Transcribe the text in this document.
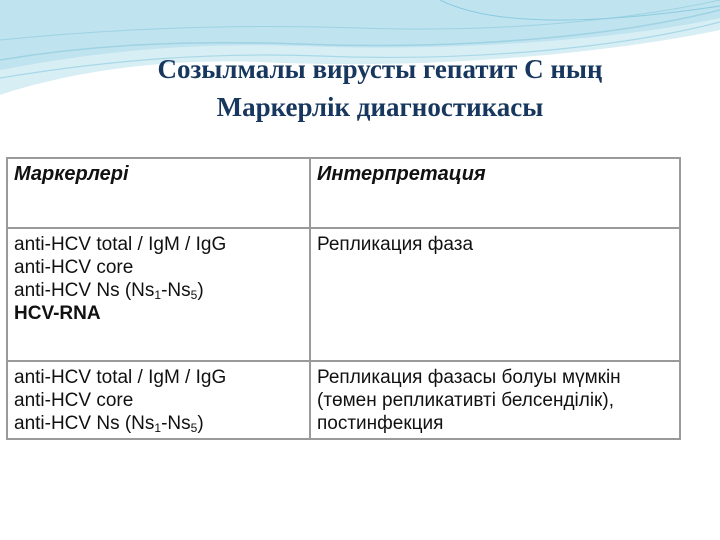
Созылмалы вирусты гепатит С ның
Маркерлік диагностикасы
Маркерлері	Интерпретация

anti-HCV total / IgM / IgG
anti-HCV core
anti-HCV Ns $(Ns_1-Ns_5)$
HCV-RNA	Репликация фаза

anti-HCV total / IgM / IgG
anti-HCV core
anti-HCV Ns $(Ns_1-Ns_5)$	Репликация фазасы болуы мүмкін
(төмен репликативті белсенділік),
постинфекция
